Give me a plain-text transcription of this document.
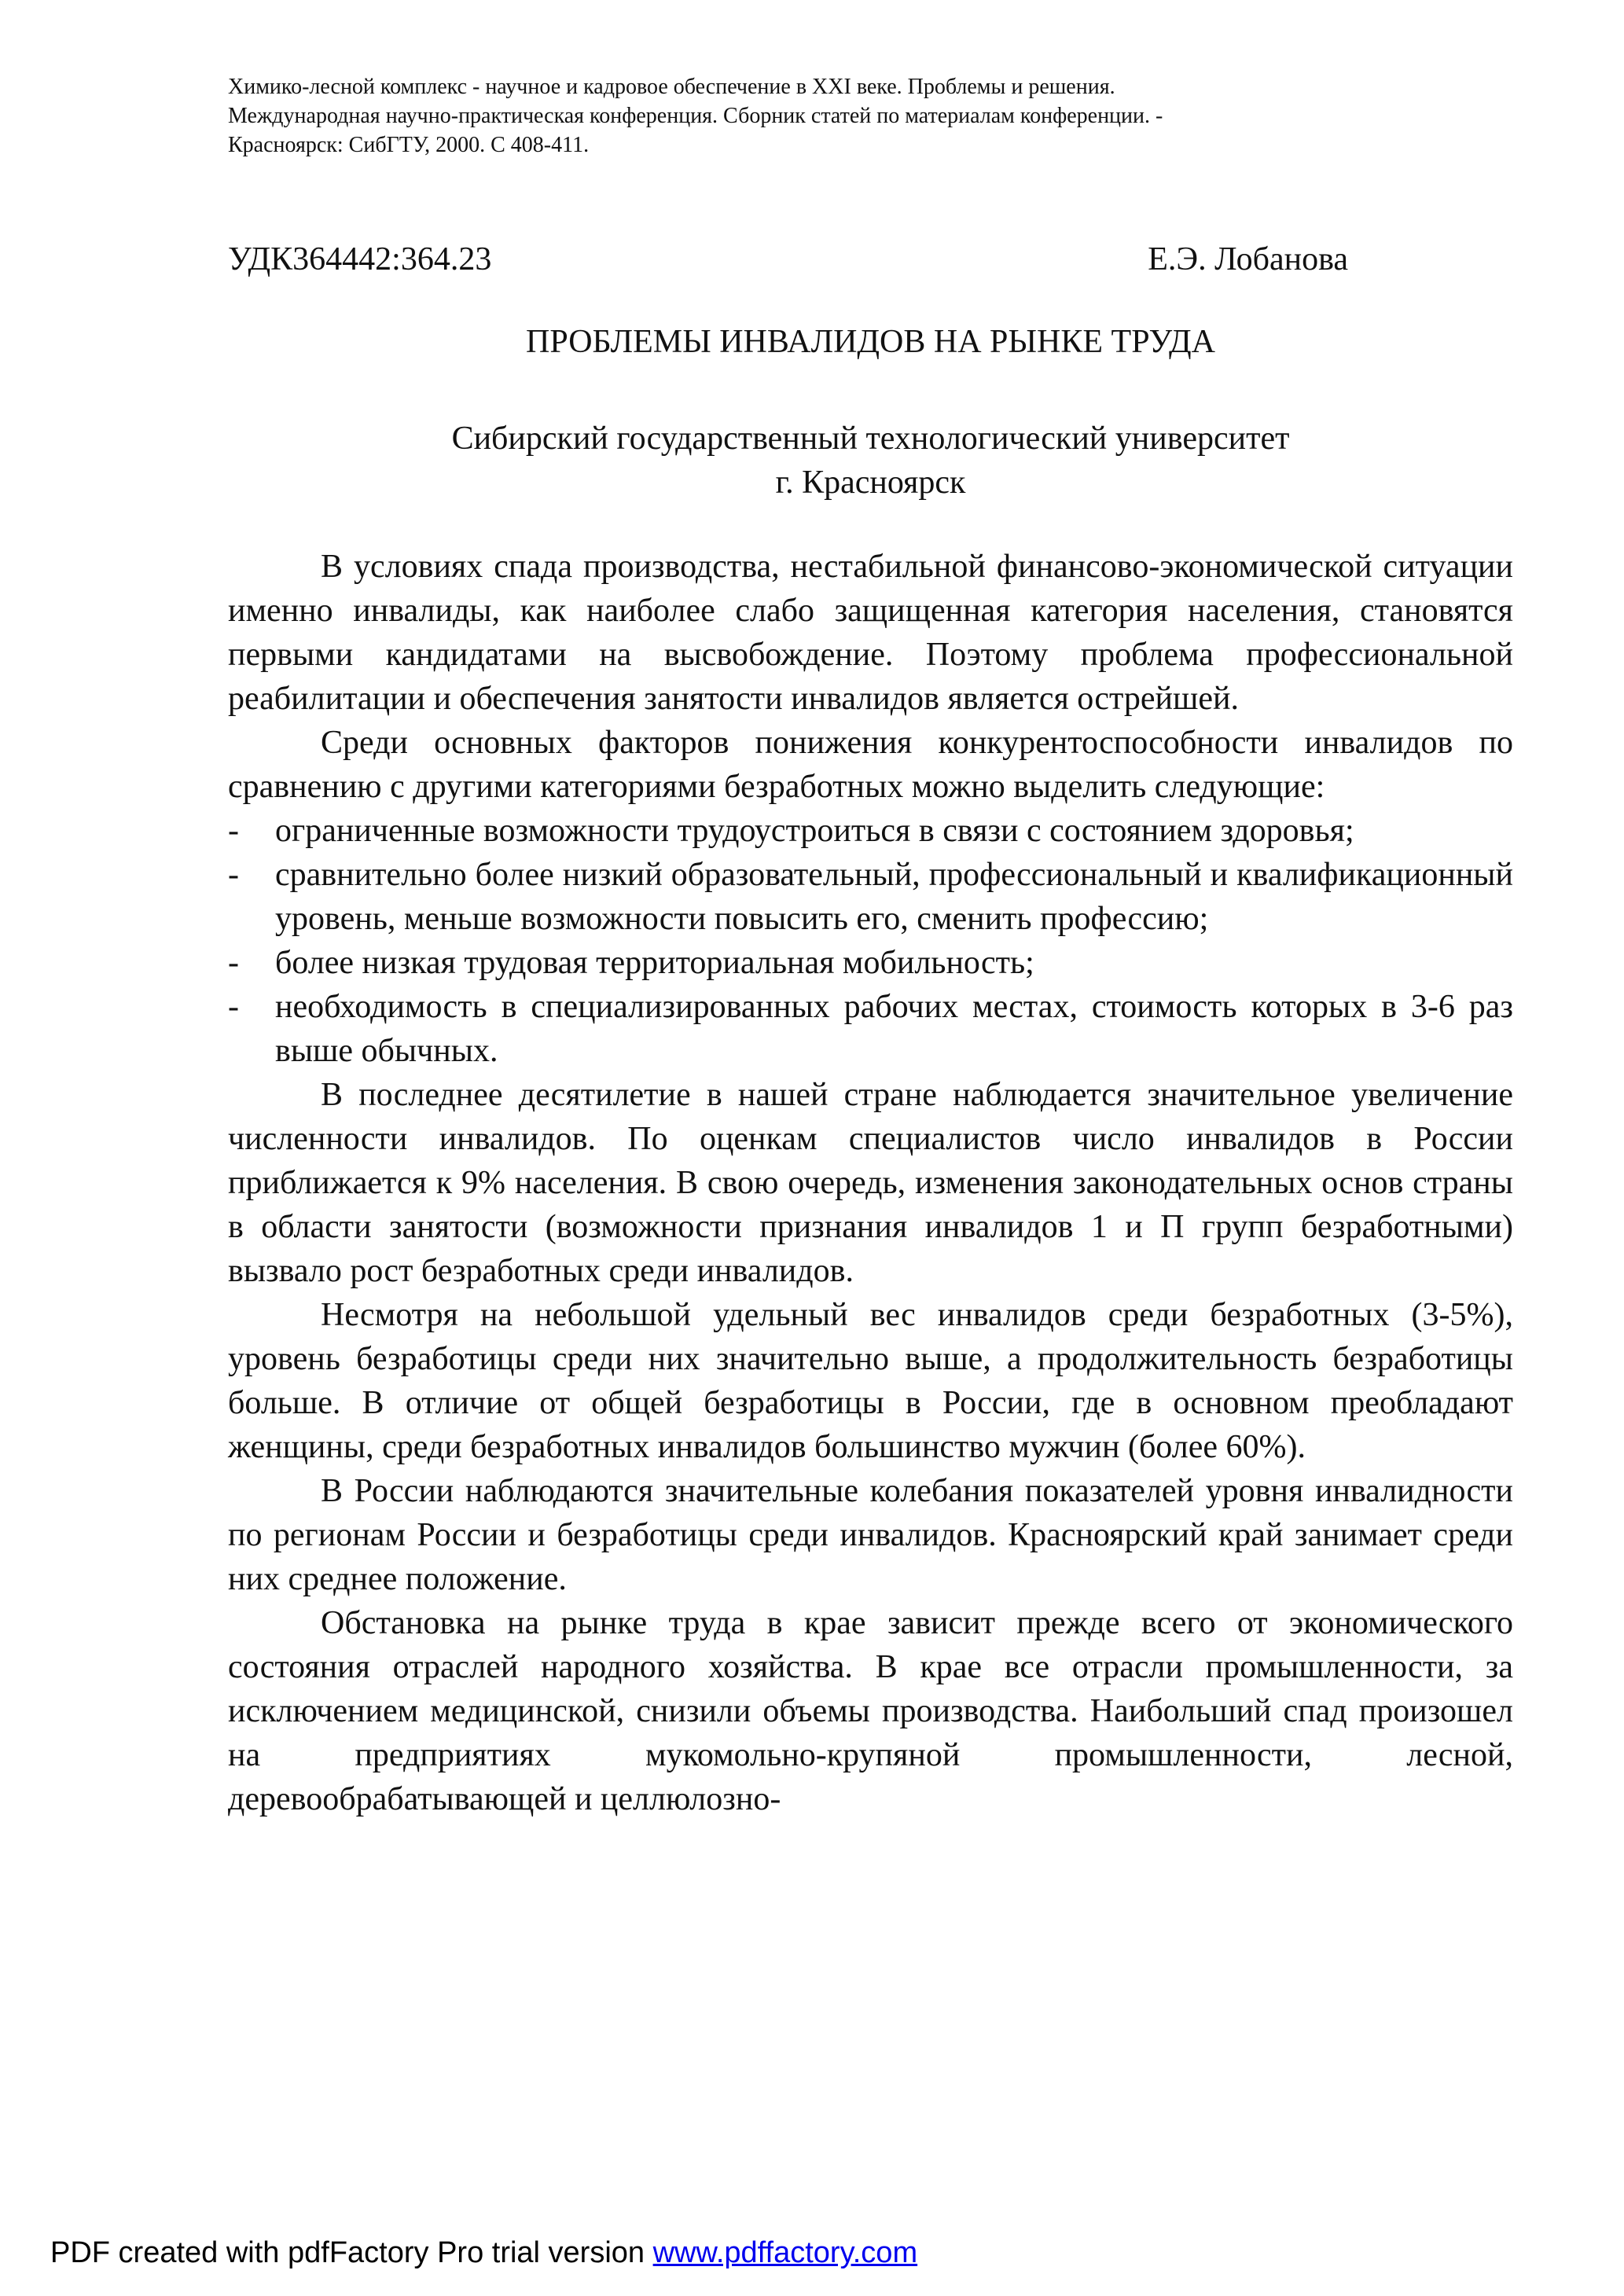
Химико-лесной комплекс - научное и кадровое обеспечение в XXI веке. Проблемы и решения.
Международная научно-практическая конференция. Сборник статей по материалам конференции. -
Красноярск: СибГТУ, 2000. С 408-411.
УДК364442:364.23	Е.Э. Лобанова
ПРОБЛЕМЫ ИНВАЛИДОВ НА РЫНКЕ ТРУДА
Сибирский государственный технологический университет
г. Красноярск

В условиях спада производства, нестабильной финансово-экономической ситуации именно инвалиды, как наиболее слабо защищенная категория населения, становятся первыми кандидатами на высвобождение. Поэтому проблема профессиональной реабилитации и обеспечения занятости инвалидов является острейшей.

Среди основных факторов понижения конкурентоспособности инвалидов по сравнению с другими категориями безработных можно выделить следующие:

- ограниченные возможности трудоустроиться в связи с состоянием здоровья;
- сравнительно более низкий образовательный, профессиональный и квалификационный уровень, меньше возможности повысить его, сменить профессию;
- более низкая трудовая территориальная мобильность;
- необходимость в специализированных рабочих местах, стоимость которых в 3-6 раз выше обычных.

В последнее десятилетие в нашей стране наблюдается значительное увеличение численности инвалидов. По оценкам специалистов число инвалидов в России приближается к 9% населения. В свою очередь, изменения законодательных основ страны в области занятости (возможности признания инвалидов 1 и П групп безработными) вызвало рост безработных среди инвалидов.

Несмотря на небольшой удельный вес инвалидов среди безработных (3-5%), уровень безработицы среди них значительно выше, а продолжительность безработицы больше. В отличие от общей безработицы в России, где в основном преобладают женщины, среди безработных инвалидов большинство мужчин (более 60%).

В России наблюдаются значительные колебания показателей уровня инвалидности по регионам России и безработицы среди инвалидов. Красноярский край занимает среди них среднее положение.

Обстановка на рынке труда в крае зависит прежде всего от экономического состояния отраслей народного хозяйства. В крае все отрасли промышленности, за исключением медицинской, снизили объемы производства. Наибольший спад произошел на предприятиях мукомольно-крупяной промышленности, лесной, деревообрабатывающей и целлюлозно-

PDF created with pdfFactory Pro trial version www.pdffactory.com
